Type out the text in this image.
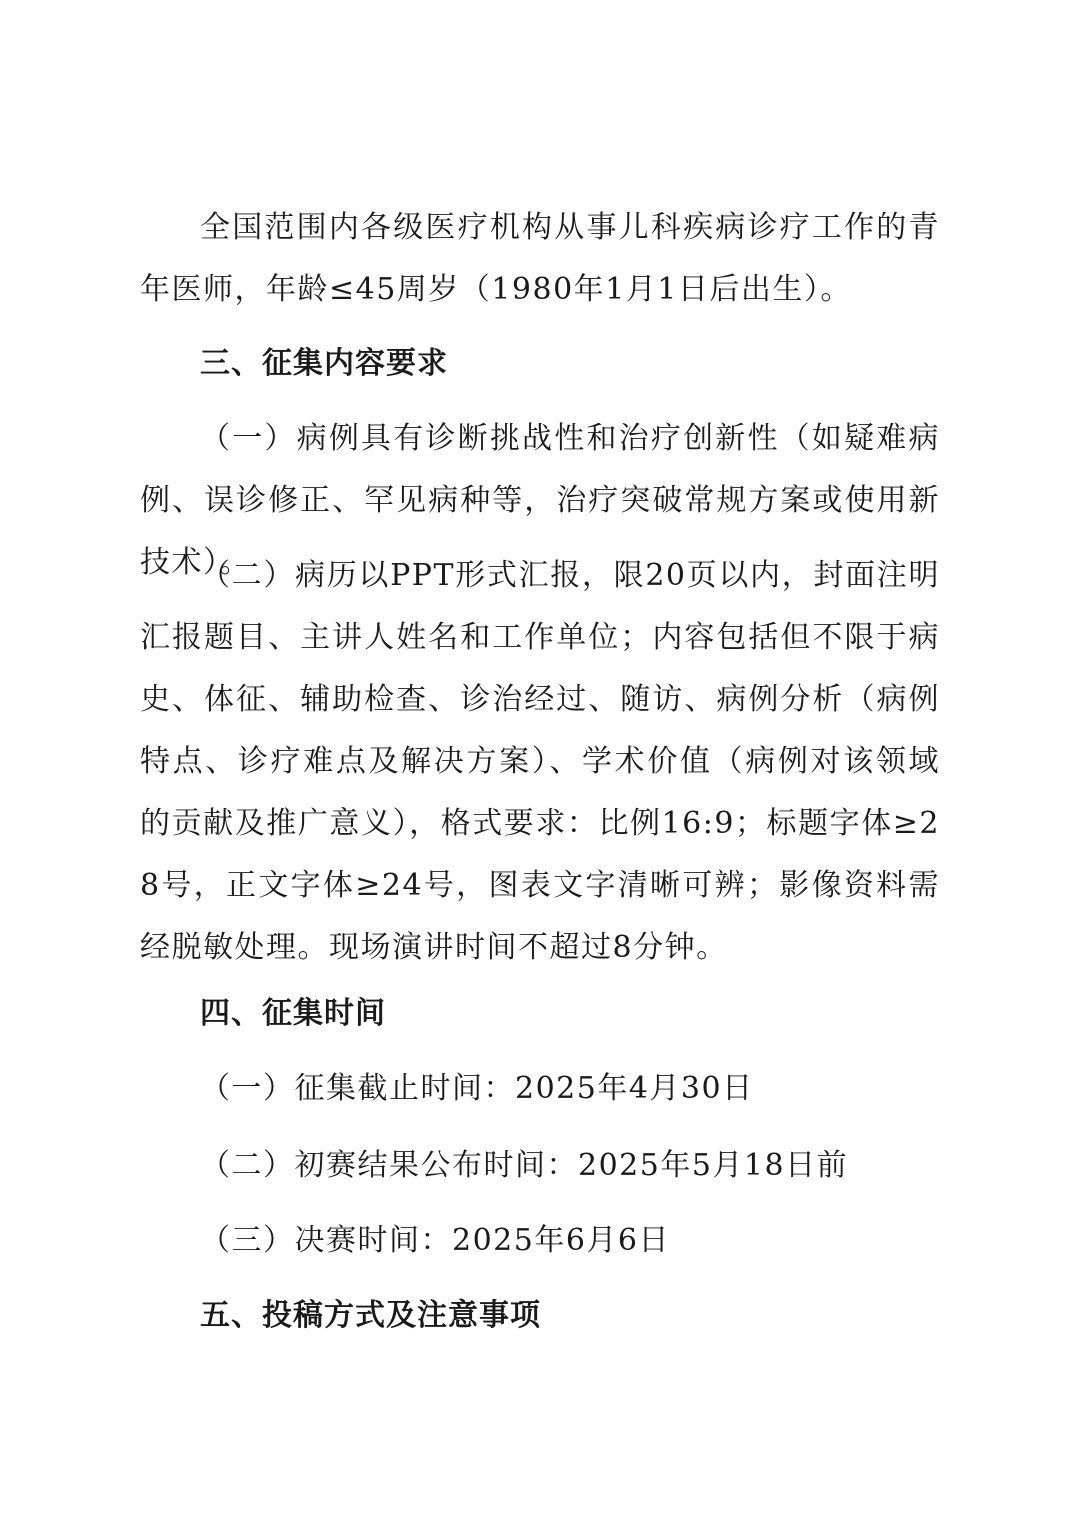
全国范围内各级医疗机构从事儿科疾病诊疗工作的青年医师，年龄≤45周岁（1980年1月1日后出生）。

三、征集内容要求

（一）病例具有诊断挑战性和治疗创新性（如疑难病例、误诊修正、罕见病种等，治疗突破常规方案或使用新技术）。

（二）病历以PPT形式汇报，限20页以内，封面注明汇报题目、主讲人姓名和工作单位；内容包括但不限于病史、体征、辅助检查、诊治经过、随访、病例分析（病例特点、诊疗难点及解决方案）、学术价值（病例对该领域的贡献及推广意义），格式要求：比例16:9；标题字体≥28号，正文字体≥24号，图表文字清晰可辨；影像资料需经脱敏处理。现场演讲时间不超过8分钟。

四、征集时间

（一）征集截止时间：2025年4月30日

（二）初赛结果公布时间：2025年5月18日前

（三）决赛时间：2025年6月6日

五、投稿方式及注意事项
